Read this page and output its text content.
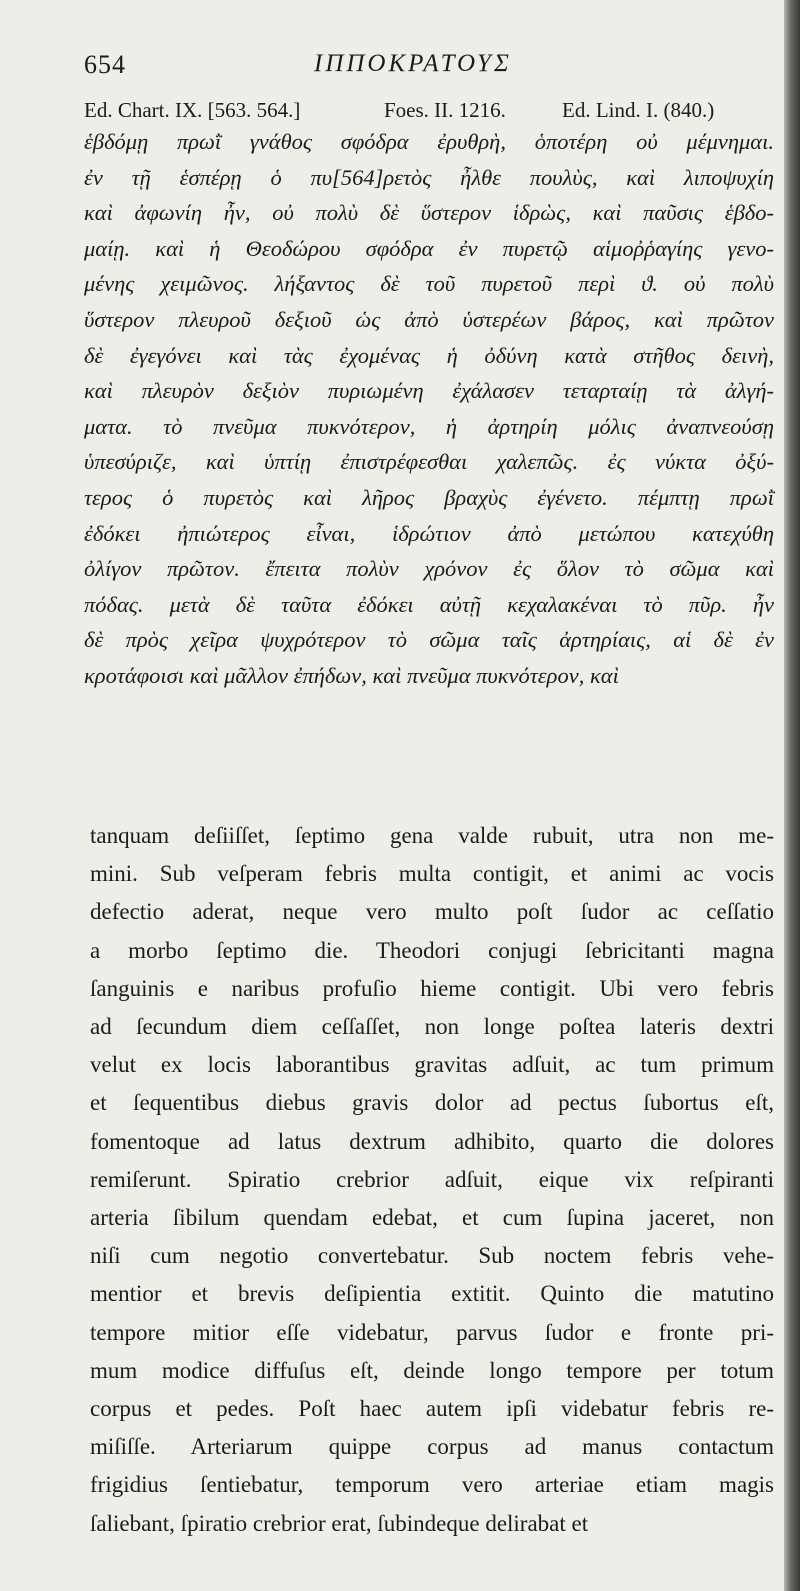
654	ΙΠΠΟΚΡΑΤΟΥΣ
Ed. Chart. IX. [563. 564.]	Foes. II. 1216.	Ed. Lind. I. (840.)
ἑβδόμῃ πρωῒ γνάθος σφόδρα ἐρυθρὴ, ὁποτέρη οὐ μέμνημαι.
ἐν τῇ ἑσπέρῃ ὁ πυ[564]ρετὸς ἦλθε πουλὺς, καὶ λιποψυχίη
καὶ ἀφωνίη ἦν, οὐ πολὺ δὲ ὕστερον ἱδρὼς, καὶ παῦσις ἑβδο-
μαίῃ. καὶ ἡ Θεοδώρου σφόδρα ἐν πυρετῷ αἱμοῤῥαγίης γενο-
μένης χειμῶνος. λήξαντος δὲ τοῦ πυρετοῦ περὶ ϑ. οὐ πολὺ
ὕστερον πλευροῦ δεξιοῦ ὡς ἀπὸ ὑστερέων βάρος, καὶ πρῶτον
δὲ ἐγεγόνει καὶ τὰς ἐχομένας ἡ ὀδύνη κατὰ στῆθος δεινὴ,
καὶ πλευρὸν δεξιὸν πυριωμένη ἐχάλασεν τεταρταίῃ τὰ ἀλγή-
ματα. τὸ πνεῦμα πυκνότερον, ἡ ἀρτηρίη μόλις ἀναπνεούσῃ
ὑπεσύριζε, καὶ ὑπτίῃ ἐπιστρέφεσθαι χαλεπῶς. ἐς νύκτα ὀξύ-
τερος ὁ πυρετὸς καὶ λῆρος βραχὺς ἐγένετο. πέμπτῃ πρωῒ
ἐδόκει ἠπιώτερος εἶναι, ἱδρώτιον ἀπὸ μετώπου κατεχύθη
ὀλίγον πρῶτον. ἔπειτα πολὺν χρόνον ἐς ὅλον τὸ σῶμα καὶ
πόδας. μετὰ δὲ ταῦτα ἐδόκει αὐτῇ κεχαλακέναι τὸ πῦρ. ἦν
δὲ πρὸς χεῖρα ψυχρότερον τὸ σῶμα ταῖς ἀρτηρίαις, αἱ δὲ ἐν
κροτάφοισι καὶ μᾶλλον ἐπήδων, καὶ πνεῦμα πυκνότερον, καὶ
tanquam deſiiſſet, ſeptimo gena valde rubuit, utra non me-
mini. Sub veſperam febris multa contigit, et animi ac vocis
defectio aderat, neque vero multo poſt ſudor ac ceſſatio
a morbo ſeptimo die. Theodori conjugi ſebricitanti magna
ſanguinis e naribus profuſio hieme contigit. Ubi vero febris
ad ſecundum diem ceſſaſſet, non longe poſtea lateris dextri
velut ex locis laborantibus gravitas adſuit, ac tum primum
et ſequentibus diebus gravis dolor ad pectus ſubortus eſt,
fomentoque ad latus dextrum adhibito, quarto die dolores
remiſerunt. Spiratio crebrior adſuit, eique vix reſpiranti
arteria ſibilum quendam edebat, et cum ſupina jaceret, non
niſi cum negotio convertebatur. Sub noctem febris vehe-
mentior et brevis deſipientia extitit. Quinto die matutino
tempore mitior eſſe videbatur, parvus ſudor e fronte pri-
mum modice diffuſus eſt, deinde longo tempore per totum
corpus et pedes. Poſt haec autem ipſi videbatur febris re-
miſiſſe. Arteriarum quippe corpus ad manus contactum
frigidius ſentiebatur, temporum vero arteriae etiam magis
ſaliebant, ſpiratio crebrior erat, ſubindeque delirabat et
